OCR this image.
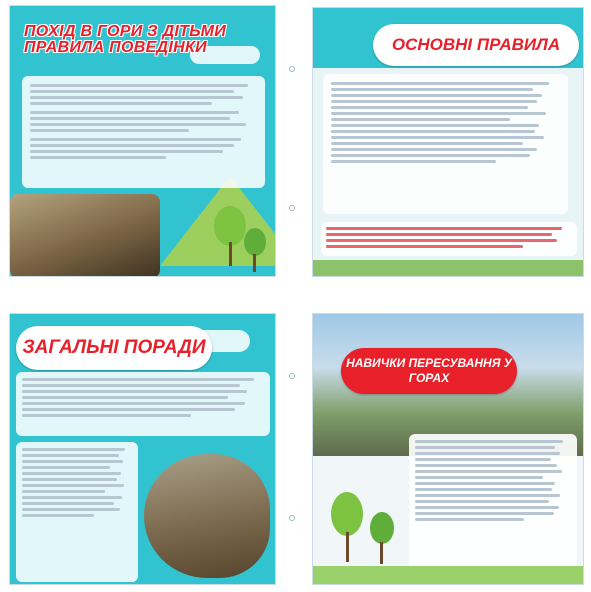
ПОХІД В ГОРИ З ДІТЬМИ ПРАВИЛА ПОВЕДІНКИ	ОСНОВНІ ПРАВИЛА
ЗАГАЛЬНІ ПОРАДИ
НАВИЧКИ ПЕРЕСУВАННЯ У ГОРАХ
